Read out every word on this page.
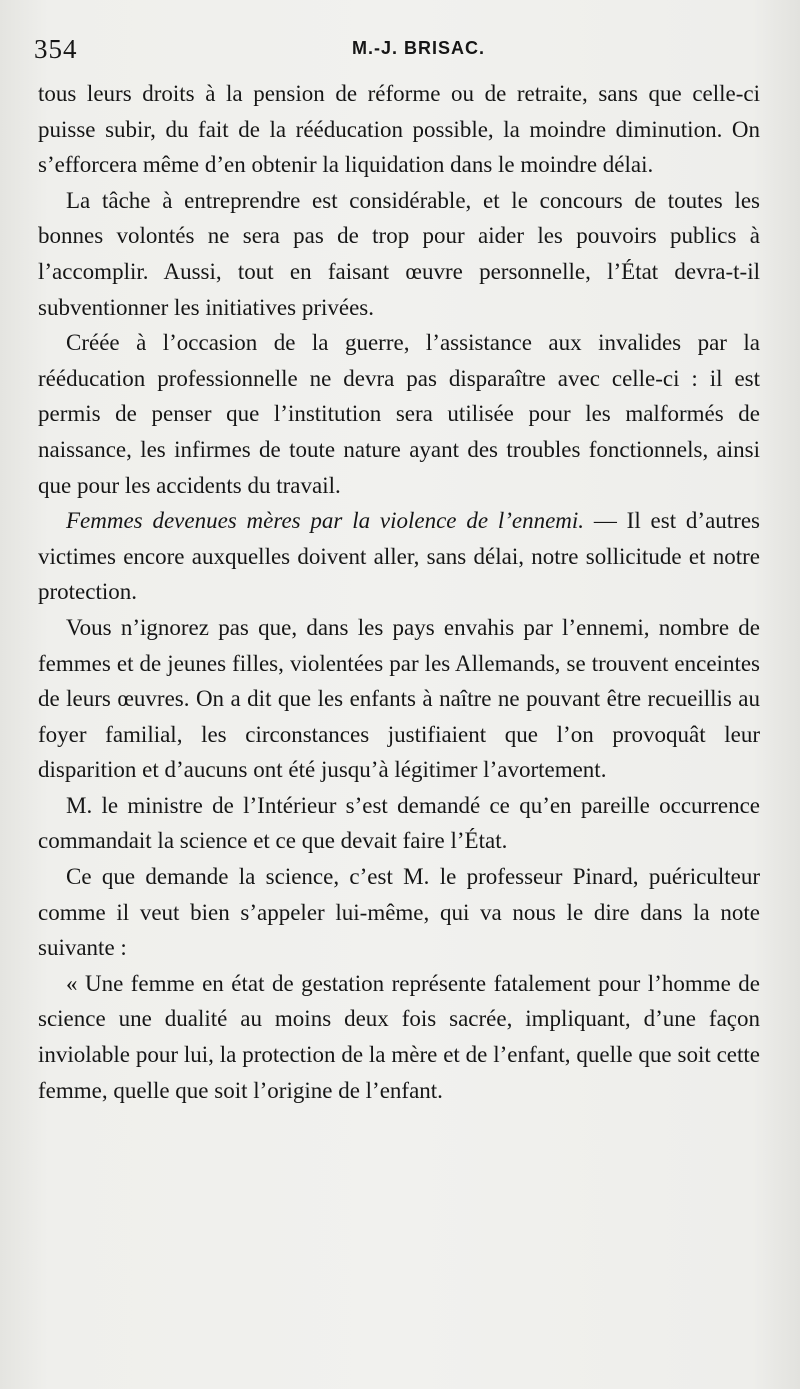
354	M.-J. BRISAC.

tous leurs droits à la pension de réforme ou de retraite, sans que celle-ci puisse subir, du fait de la rééducation possible, la moindre diminution. On s’efforcera même d’en obtenir la liquidation dans le moindre délai.

La tâche à entreprendre est considérable, et le concours de toutes les bonnes volontés ne sera pas de trop pour aider les pouvoirs publics à l’accomplir. Aussi, tout en faisant œuvre personnelle, l’État devra-t-il subventionner les initiatives privées.

Créée à l’occasion de la guerre, l’assistance aux invalides par la rééducation professionnelle ne devra pas disparaître avec celle-ci : il est permis de penser que l’institution sera utilisée pour les malformés de naissance, les infirmes de toute nature ayant des troubles fonctionnels, ainsi que pour les accidents du travail.

Femmes devenues mères par la violence de l’ennemi. — Il est d’autres victimes encore auxquelles doivent aller, sans délai, notre sollicitude et notre protection.

Vous n’ignorez pas que, dans les pays envahis par l’ennemi, nombre de femmes et de jeunes filles, violentées par les Allemands, se trouvent enceintes de leurs œuvres. On a dit que les enfants à naître ne pouvant être recueillis au foyer familial, les circonstances justifiaient que l’on provoquât leur disparition et d’aucuns ont été jusqu’à légitimer l’avortement.

M. le ministre de l’Intérieur s’est demandé ce qu’en pareille occurrence commandait la science et ce que devait faire l’État.

Ce que demande la science, c’est M. le professeur Pinard, puériculteur comme il veut bien s’appeler lui-même, qui va nous le dire dans la note suivante :

« Une femme en état de gestation représente fatalement pour l’homme de science une dualité au moins deux fois sacrée, impliquant, d’une façon inviolable pour lui, la protection de la mère et de l’enfant, quelle que soit cette femme, quelle que soit l’origine de l’enfant.
